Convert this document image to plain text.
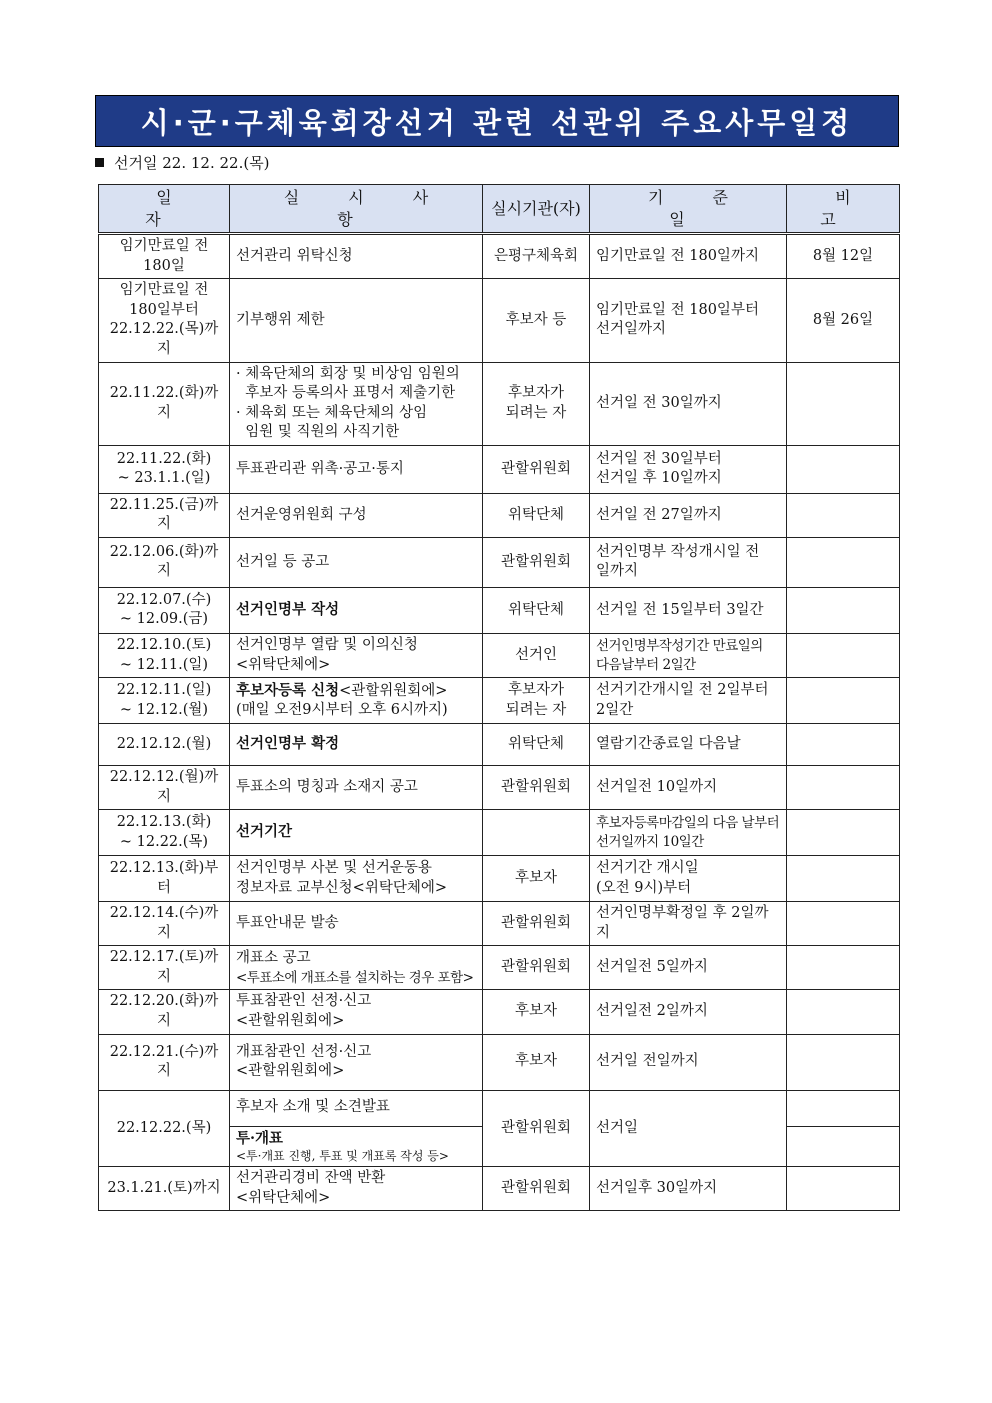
시·군·구체육회장선거 관련 선관위 주요사무일정
선거일 22. 12. 22.(목)
일 자	실 시 사 항	실시기관(자)	기 준 일	비 고

임기만료일 전
180일	선거관리 위탁신청	은평구체육회	임기만료일 전 180일까지	8월 12일

임기만료일 전
180일부터
22.12.22.(목)까지	기부행위 제한	후보자 등	임기만료일 전 180일부터
선거일까지	8월 26일

22.11.22.(화)까지	· 체육단체의 회장 및 비상임 임원의
후보자 등록의사 표명서 제출기한
· 체육회 또는 체육단체의 상임
임원 및 직원의 사직기한	후보자가
되려는 자	선거일 전 30일까지	

22.11.22.(화)
~ 23.1.1.(일)	투표관리관 위촉·공고·통지	관할위원회	선거일 전 30일부터
선거일 후 10일까지	

22.11.25.(금)까지	선거운영위원회 구성	위탁단체	선거일 전 27일까지	

22.12.06.(화)까지	선거일 등 공고	관할위원회	선거인명부 작성개시일 전
일까지	

22.12.07.(수)
~ 12.09.(금)	선거인명부 작성	위탁단체	선거일 전 15일부터 3일간	

22.12.10.(토)
~ 12.11.(일)	선거인명부 열람 및 이의신청
<위탁단체에>	선거인	선거인명부작성기간 만료일의
다음날부터 2일간	

22.12.11.(일)
~ 12.12.(월)	후보자등록 신청<관할위원회에>
(매일 오전9시부터 오후 6시까지)	후보자가
되려는 자	선거기간개시일 전 2일부터
2일간	

22.12.12.(월)	선거인명부 확정	위탁단체	열람기간종료일 다음날	

22.12.12.(월)까지	투표소의 명칭과 소재지 공고	관할위원회	선거일전 10일까지	

22.12.13.(화)
~ 12.22.(목)	선거기간		후보자등록마감일의 다음 날부터
선거일까지 10일간	

22.12.13.(화)부터	선거인명부 사본 및 선거운동용
정보자료 교부신청<위탁단체에>	후보자	선거기간 개시일
(오전 9시)부터	

22.12.14.(수)까지	투표안내문 발송	관할위원회	선거인명부확정일 후 2일까지	

22.12.17.(토)까지	개표소 공고
<투표소에 개표소를 설치하는 경우 포함>	관할위원회	선거일전 5일까지	

22.12.20.(화)까지	투표참관인 선정·신고
<관할위원회에>	후보자	선거일전 2일까지	

22.12.21.(수)까지	개표참관인 선정·신고
<관할위원회에>	후보자	선거일 전일까지	

22.12.22.(목)	후보자 소개 및 소견발표	관할위원회	선거일	

	투·개표
<투·개표 진행, 투표 및 개표록 작성 등>			

23.1.21.(토)까지	선거관리경비 잔액 반환
<위탁단체에>	관할위원회	선거일후 30일까지	
